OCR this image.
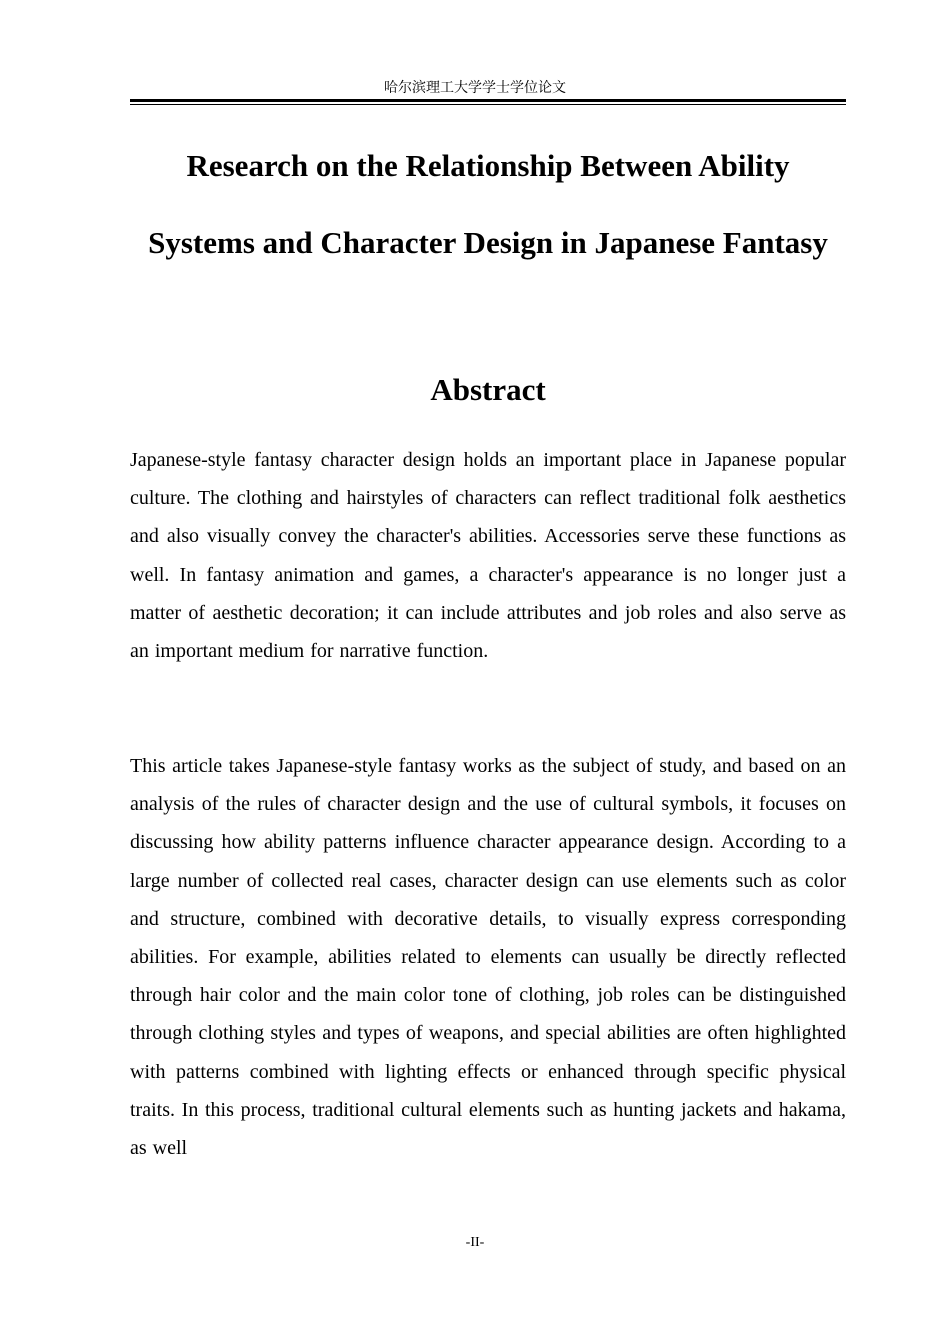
哈尔滨理工大学学士学位论文
Research on the Relationship Between Ability Systems and Character Design in Japanese Fantasy
Abstract

Japanese-style fantasy character design holds an important place in Japanese popular culture. The clothing and hairstyles of characters can reflect traditional folk aesthetics and also visually convey the character's abilities. Accessories serve these functions as well. In fantasy animation and games, a character's appearance is no longer just a matter of aesthetic decoration; it can include attributes and job roles and also serve as an important medium for narrative function.

This article takes Japanese-style fantasy works as the subject of study, and based on an analysis of the rules of character design and the use of cultural symbols, it focuses on discussing how ability patterns influence character appearance design. According to a large number of collected real cases, character design can use elements such as color and structure, combined with decorative details, to visually express corresponding abilities. For example, abilities related to elements can usually be directly reflected through hair color and the main color tone of clothing, job roles can be distinguished through clothing styles and types of weapons, and special abilities are often highlighted with patterns combined with lighting effects or enhanced through specific physical traits. In this process, traditional cultural elements such as hunting jackets and hakama, as well

-II-
